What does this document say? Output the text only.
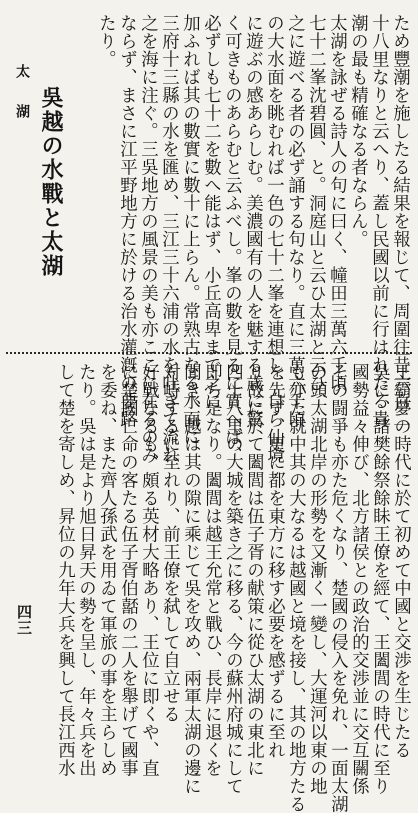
太湖 吳越の水戰と太湖	ため豐潮を施したる結果を報じて、周圍往昔六百二
十八里なりと云へり、蓋し民國以前に行はれたる貴
潮の最も精確なる者ならん。
太湖を詠ぜる詩人の句に曰く、幢田三萬六千頃
七十二峯沈碧圓、と。洞庭山と云ひ太湖と云ひ、
之に遊べる者の必ず誦する句なり。直に三萬六千頃
の大水面を眺むれば一色の七十二峯を連想し、自ら仙境
に遊ぶの感あらしむ。美濃國有の人を魅する歳に驚
く可きものあらむと云ふべし。峯の數を見るに實へば、
必ずしも七十二を數へ能はず、小丘高卑まで之に
加ふれば其の數實に數十に上らん。常熟古なる水面に
三府十三縣の水を匯め、三江三十六浦の水を吐きて流れ
之を海に注ぐ。三吳地方の風景の美も亦ここに在るのみ
ならず、まさに江平野地方に於ける治水灌漑の要路
たり。
四三	王霸夢の時代に於て初めて中國と交渉を生じたる
吳に、諸樊餘祭餘眛王僚を經て、王闔閭の時代に至り
國勢益々伸び、北方諸侯との政治的交渉並に交互關係
その闘爭も亦た危くなり、楚國の侵入を免れ、一面太湖
の頭太湖北岸の形勢を又漸く一變し、大運河以東の地
も亦た就中其の大なるは越國と境を接し、其の地方たる
を先ず、更に都を東方に移す必要を感ずるに至れ
り故に於て闔閭は伍子胥の献策に從ひ太湖の東北に
四十八里の大城を築き之に移る、今の蘇州府城にして
即ち是なり。闔閭は越王允常と戰ひ、長岸に退くを
聞き、越は其の隙に乘じて吳を攻め、兩軍太湖の邊に
対峙するに至れり、前王僚を弑して自立せる
好戰なるも、頗る英材大略あり、王位に即くや、直
に楚國亡命の客たる伍子胥伯嚭の二人を舉げて國事
を委ね、また齊人孫武を用ゐて軍旅の事を主らしめ
たり。吳は是より旭日昇天の勢を呈し、年々兵を出
して楚を寄しめ、昇位の九年大兵を興して長江西水
